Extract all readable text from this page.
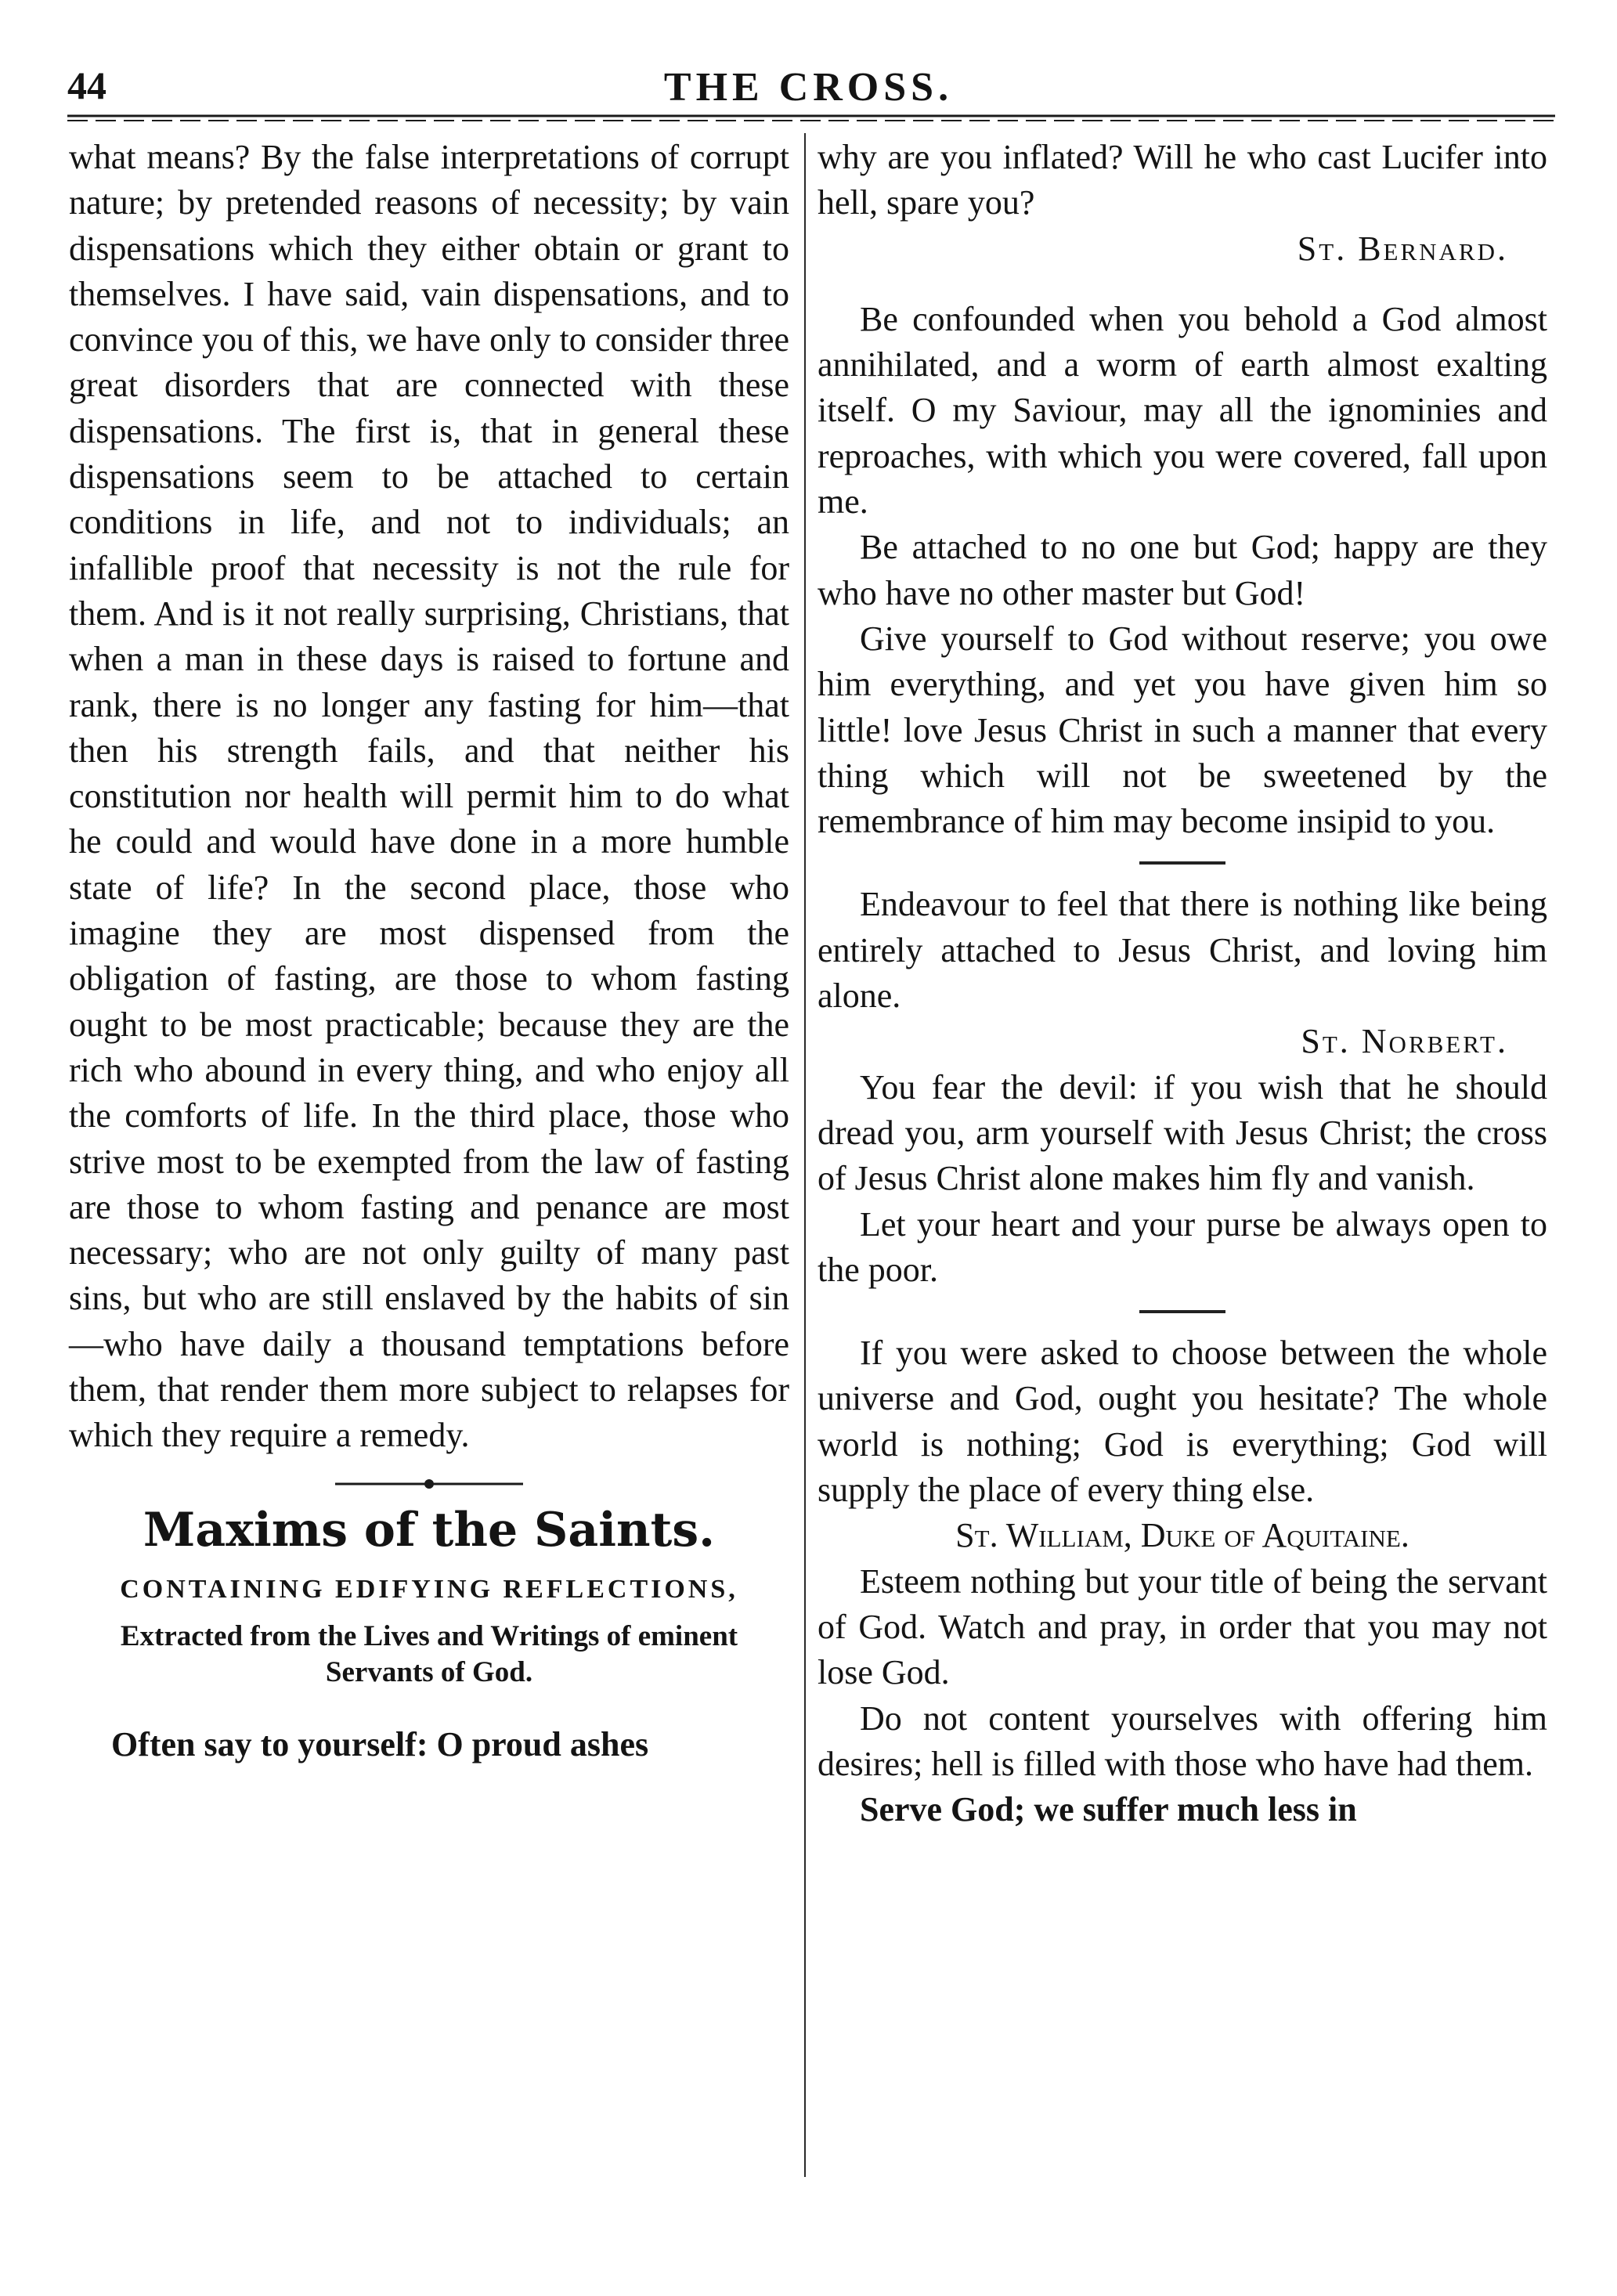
44	THE CROSS.

what means? By the false interpretations of corrupt nature; by pretended reasons of necessity; by vain dispensations which they either obtain or grant to themselves. I have said, vain dispensations, and to convince you of this, we have only to consider three great disorders that are connected with these dispensations. The first is, that in general these dispensations seem to be attached to certain conditions in life, and not to individuals; an infallible proof that necessity is not the rule for them. And is it not really surprising, Christians, that when a man in these days is raised to fortune and rank, there is no longer any fasting for him—that then his strength fails, and that neither his constitution nor health will permit him to do what he could and would have done in a more humble state of life? In the second place, those who imagine they are most dispensed from the obligation of fasting, are those to whom fasting ought to be most practicable; because they are the rich who abound in every thing, and who enjoy all the comforts of life. In the third place, those who strive most to be exempted from the law of fasting are those to whom fasting and penance are most necessary; who are not only guilty of many past sins, but who are still enslaved by the habits of sin—who have daily a thousand temptations before them, that render them more subject to relapses for which they require a remedy.

Maxims of the Saints.
CONTAINING EDIFYING REFLECTIONS,
Extracted from the Lives and Writings of eminent Servants of God.

Often say to yourself: O proud ashes

why are you inflated? Will he who cast Lucifer into hell, spare you?

St. Bernard.

Be confounded when you behold a God almost annihilated, and a worm of earth almost exalting itself. O my Saviour, may all the ignominies and reproaches, with which you were covered, fall upon me.

Be attached to no one but God; happy are they who have no other master but God!

Give yourself to God without reserve; you owe him everything, and yet you have given him so little! love Jesus Christ in such a manner that every thing which will not be sweetened by the remembrance of him may become insipid to you.

Endeavour to feel that there is nothing like being entirely attached to Jesus Christ, and loving him alone.

St. Norbert.

You fear the devil: if you wish that he should dread you, arm yourself with Jesus Christ; the cross of Jesus Christ alone makes him fly and vanish.

Let your heart and your purse be always open to the poor.

If you were asked to choose between the whole universe and God, ought you hesitate? The whole world is nothing; God is everything; God will supply the place of every thing else.

St. William, Duke of Aquitaine.

Esteem nothing but your title of being the servant of God. Watch and pray, in order that you may not lose God.

Do not content yourselves with offering him desires; hell is filled with those who have had them.

Serve God; we suffer much less in
